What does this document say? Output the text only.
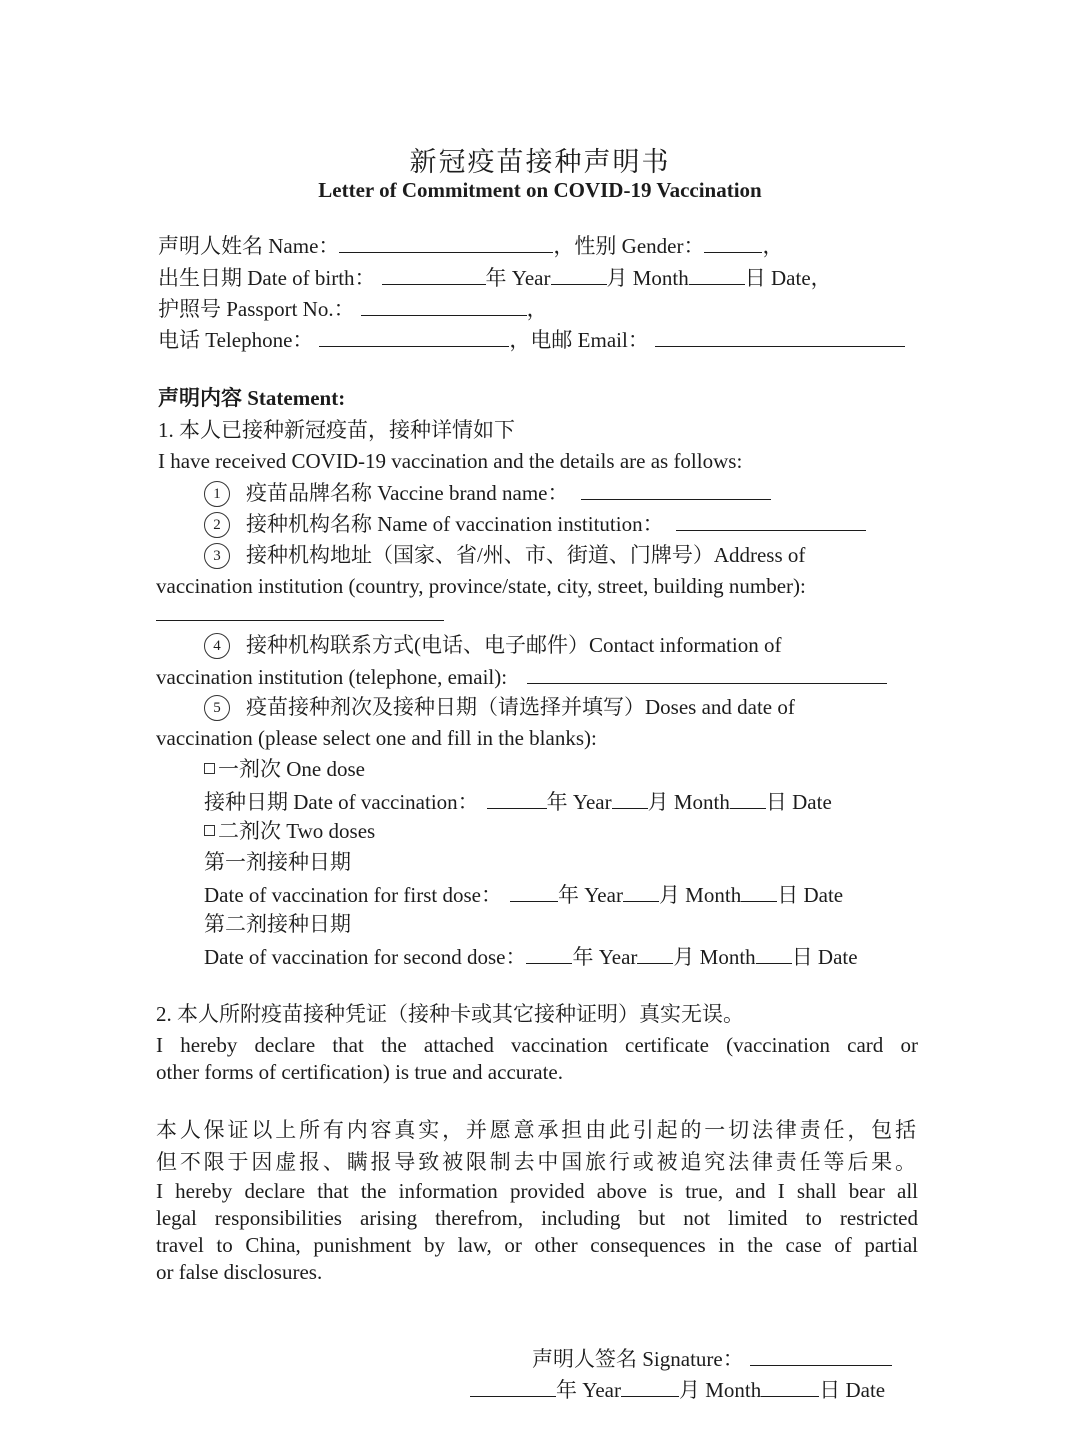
新冠疫苗接种声明书
Letter of Commitment on COVID-19 Vaccination
声明人姓名 Name：	，性别 Gender：	，
出生日期 Date of birth：	年 Year	月 Month	日 Date，
护照号 Passport No.：	，
电话 Telephone：	，电邮 Email：
声明内容 Statement:
1. 本人已接种新冠疫苗，接种详情如下
I have received COVID-19 vaccination and the details are as follows:
1 疫苗品牌名称 Vaccine brand name：
2 接种机构名称 Name of vaccination institution：
3 接种机构地址（国家、省/州、市、街道、门牌号）Address of
vaccination institution (country, province/state, city, street, building number):
4 接种机构联系方式(电话、电子邮件）Contact information of
vaccination institution (telephone, email):
5 疫苗接种剂次及接种日期（请选择并填写）Doses and date of
vaccination (please select one and fill in the blanks):
一剂次 One dose
接种日期 Date of vaccination：	年 Year 月 Month 日 Date
二剂次 Two doses
第一剂接种日期
Date of vaccination for first dose：	年 Year 月 Month 日 Date
第二剂接种日期
Date of vaccination for second dose： 年 Year 月 Month 日 Date
2. 本人所附疫苗接种凭证（接种卡或其它接种证明）真实无误。
I hereby declare that the attached vaccination certificate (vaccination card or
other forms of certification) is true and accurate.
本人保证以上所有内容真实，并愿意承担由此引起的一切法律责任，包括
但不限于因虚报、瞒报导致被限制去中国旅行或被追究法律责任等后果。
I hereby declare that the information provided above is true, and I shall bear all
legal responsibilities arising therefrom, including but not limited to restricted
travel to China, punishment by law, or other consequences in the case of partial
or false disclosures.
声明人签名 Signature：
年 Year	月 Month	日 Date
